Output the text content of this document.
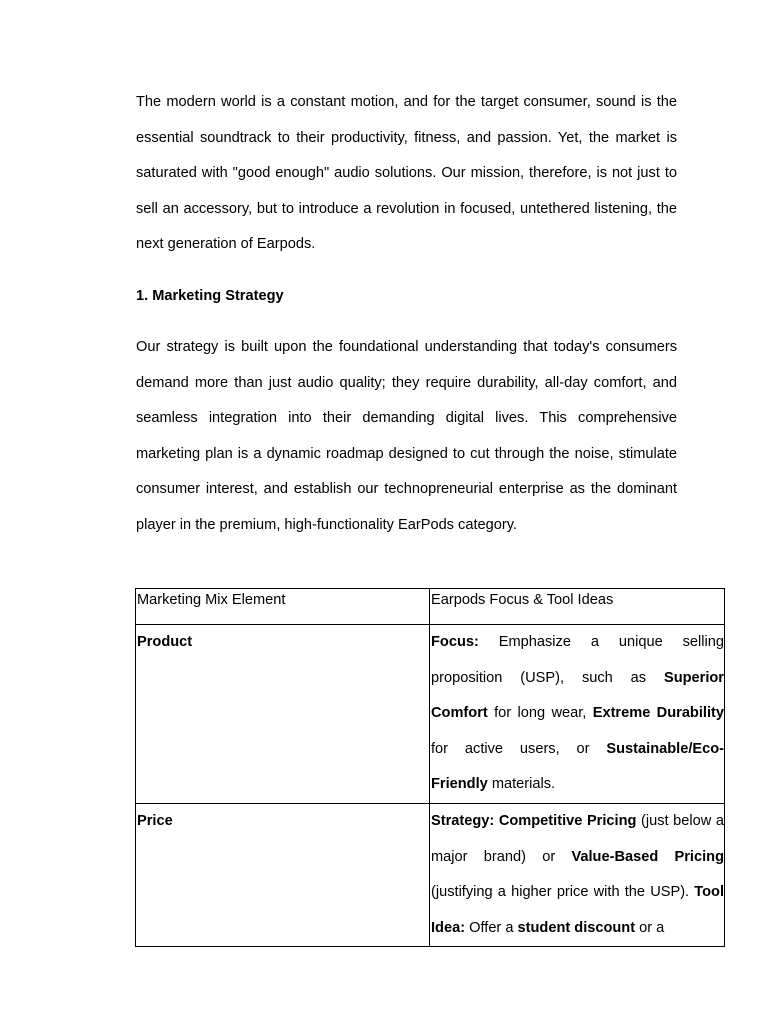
The modern world is a constant motion, and for the target consumer, sound is the essential soundtrack to their productivity, fitness, and passion. Yet, the market is saturated with "good enough" audio solutions. Our mission, therefore, is not just to sell an accessory, but to introduce a revolution in focused, untethered listening, the next generation of Earpods.

1. Marketing Strategy

Our strategy is built upon the foundational understanding that today's consumers demand more than just audio quality; they require durability, all-day comfort, and seamless integration into their demanding digital lives. This comprehensive marketing plan is a dynamic roadmap designed to cut through the noise, stimulate consumer interest, and establish our technopreneurial enterprise as the dominant player in the premium, high-functionality EarPods category.

Marketing Mix Element	Earpods Focus & Tool Ideas

Product	Focus: Emphasize a unique selling proposition (USP), such as Superior Comfort for long wear, Extreme Durability for active users, or Sustainable/Eco-Friendly materials.

Price	Strategy: Competitive Pricing (just below a major brand) or Value-Based Pricing (justifying a higher price with the USP). Tool Idea: Offer a student discount or a
